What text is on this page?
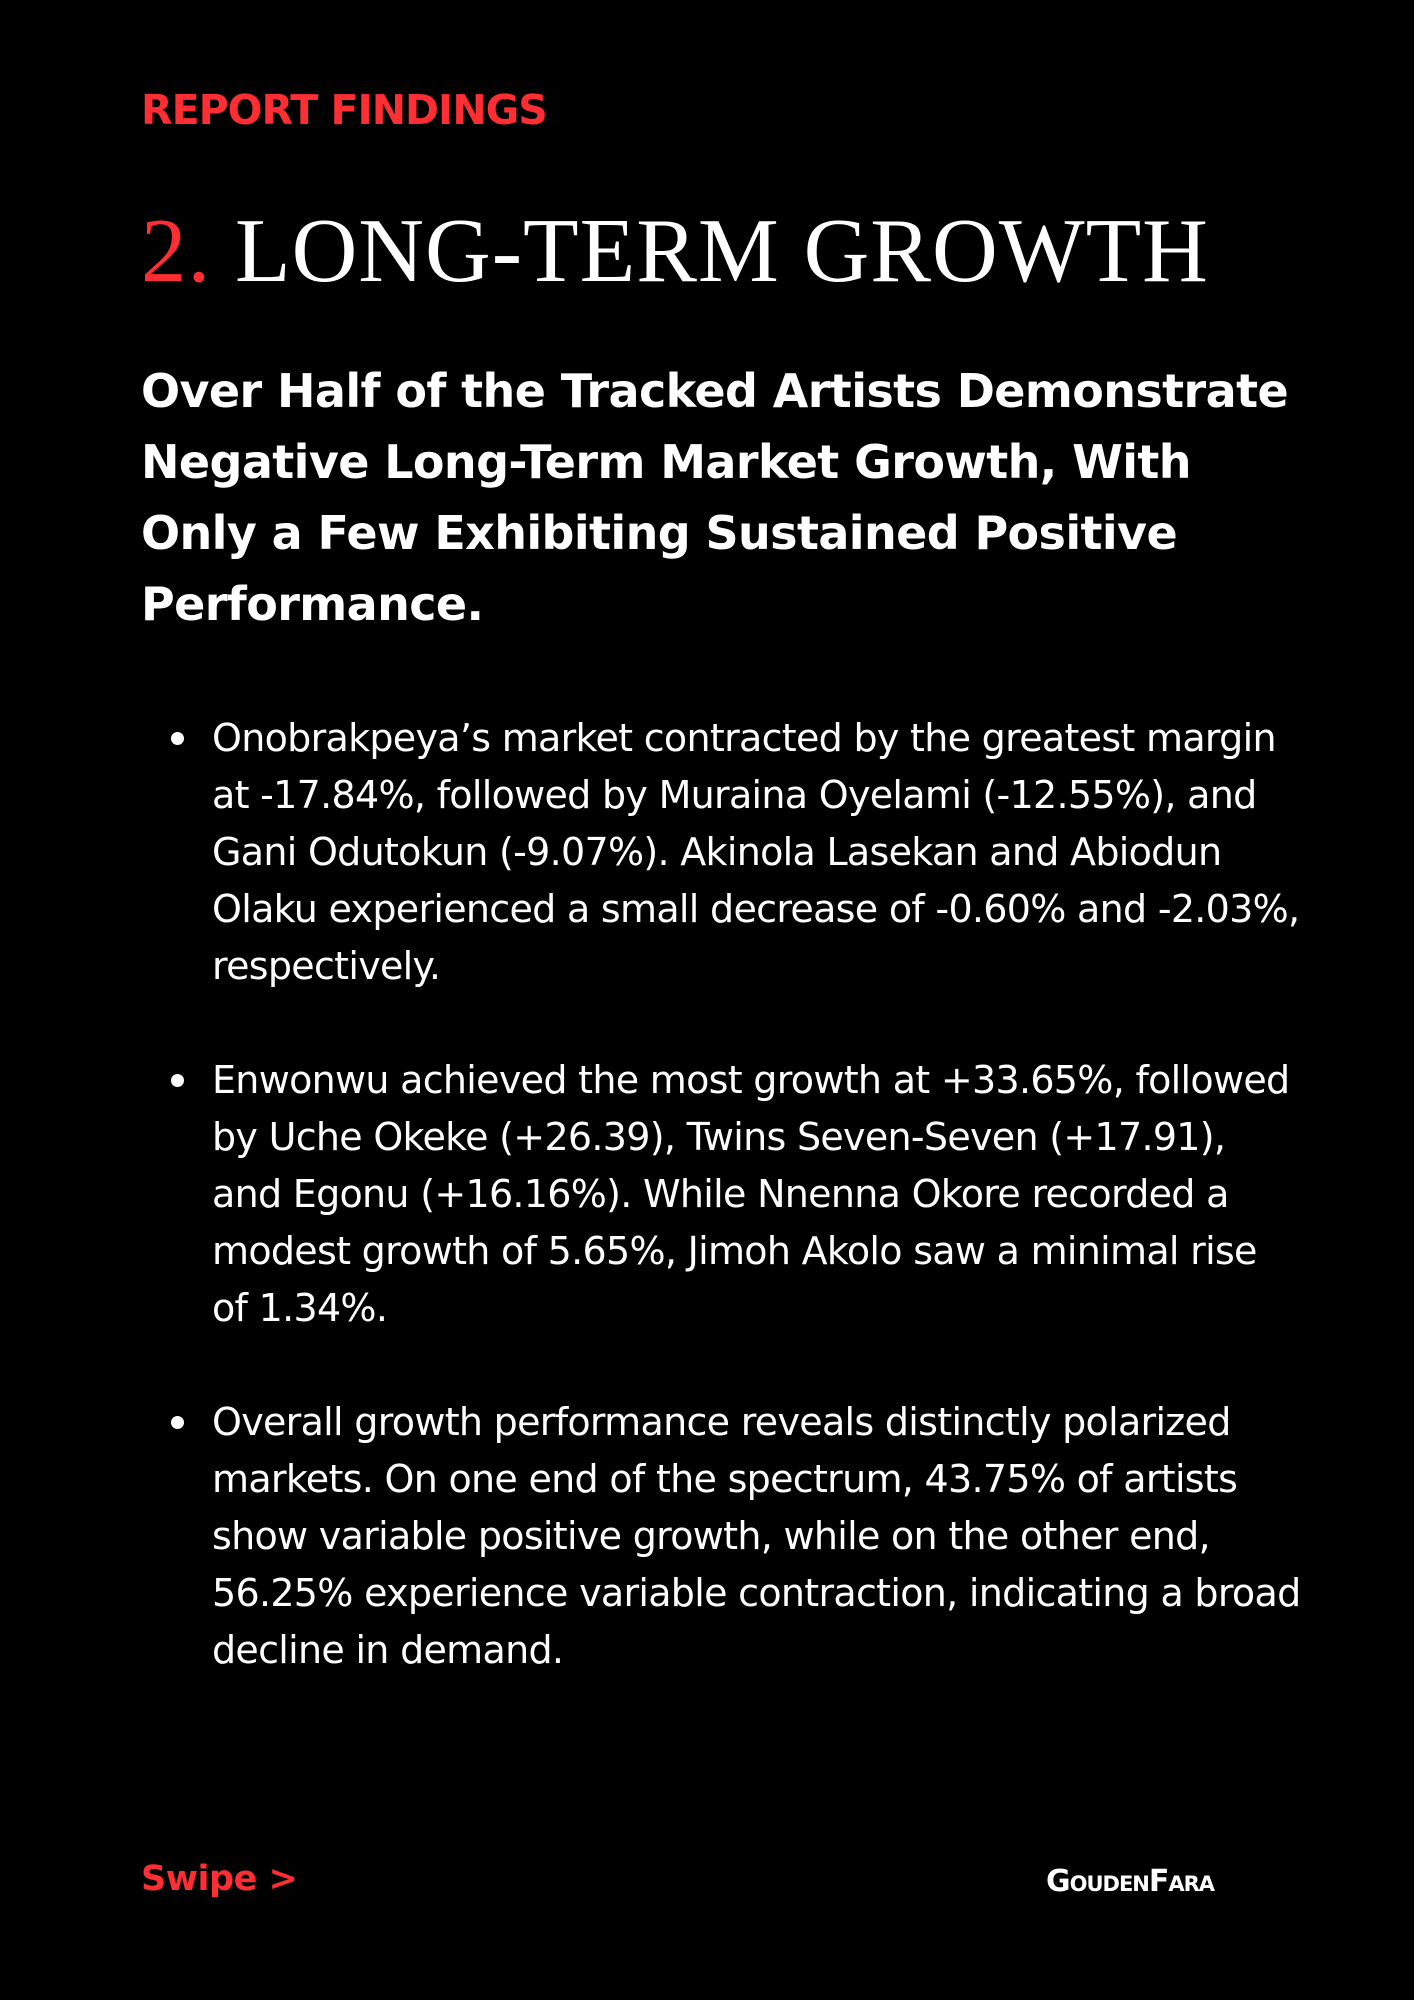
REPORT FINDINGS
2. LONG-TERM GROWTH
Over Half of the Tracked Artists Demonstrate Negative Long-Term Market Growth, With Only a Few Exhibiting Sustained Positive Performance.
Onobrakpeya’s market contracted by the greatest margin at -17.84%, followed by Muraina Oyelami (-12.55%), and Gani Odutokun (-9.07%). Akinola Lasekan and Abiodun Olaku experienced a small decrease of -0.60% and -2.03%, respectively.
Enwonwu achieved the most growth at +33.65%, followed by Uche Okeke (+26.39), Twins Seven-Seven (+17.91), and Egonu (+16.16%). While Nnenna Okore recorded a modest growth of 5.65%, Jimoh Akolo saw a minimal rise of 1.34%.
Overall growth performance reveals distinctly polarized markets. On one end of the spectrum, 43.75% of artists show variable positive growth, while on the other end, 56.25% experience variable contraction, indicating a broad decline in demand.
Swipe >	GoudenFara
